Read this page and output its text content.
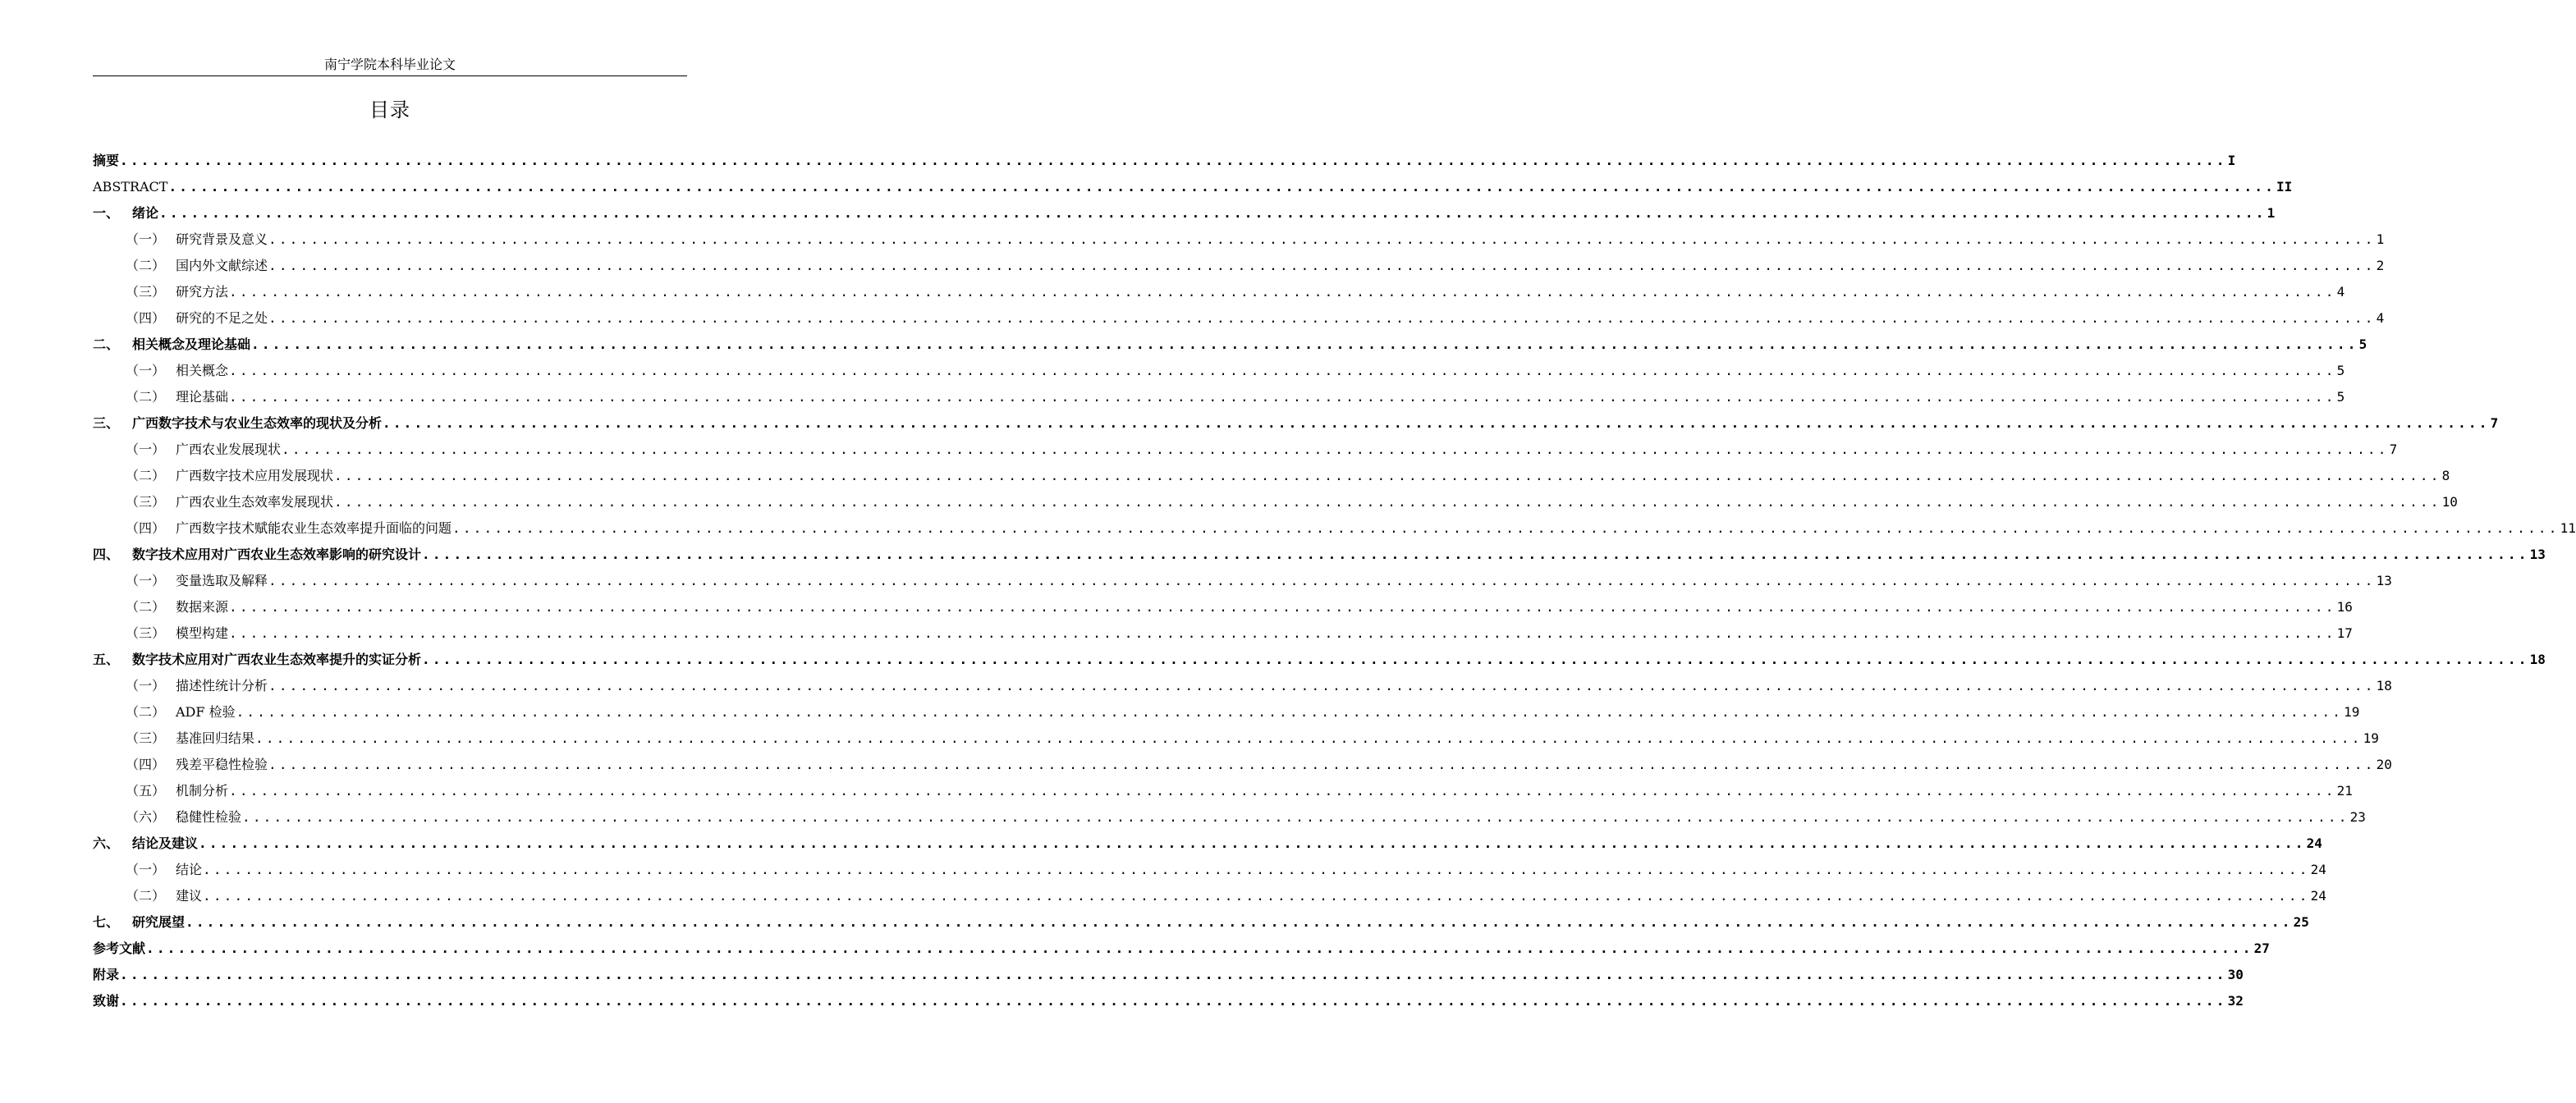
南宁学院本科毕业论文
目录
摘要 ........................................................................................................................................................................................................ I
ABSTRACT ........................................................................................................................................................................................................ II
一、 绪论 ........................................................................................................................................................................................................ 1
（一） 研究背景及意义 ........................................................................................................................................................................................................ 1
（二） 国内外文献综述 ........................................................................................................................................................................................................ 2
（三） 研究方法 ........................................................................................................................................................................................................ 4
（四） 研究的不足之处 ........................................................................................................................................................................................................ 4
二、 相关概念及理论基础 ........................................................................................................................................................................................................ 5
（一） 相关概念 ........................................................................................................................................................................................................ 5
（二） 理论基础 ........................................................................................................................................................................................................ 5
三、 广西数字技术与农业生态效率的现状及分析 ........................................................................................................................................................................................................ 7
（一） 广西农业发展现状 ........................................................................................................................................................................................................ 7
（二） 广西数字技术应用发展现状 ........................................................................................................................................................................................................ 8
（三） 广西农业生态效率发展现状 ........................................................................................................................................................................................................ 10
（四） 广西数字技术赋能农业生态效率提升面临的问题 ........................................................................................................................................................................................................ 11
四、 数字技术应用对广西农业生态效率影响的研究设计 ........................................................................................................................................................................................................ 13
（一） 变量选取及解释 ........................................................................................................................................................................................................ 13
（二） 数据来源 ........................................................................................................................................................................................................ 16
（三） 模型构建 ........................................................................................................................................................................................................ 17
五、 数字技术应用对广西农业生态效率提升的实证分析 ........................................................................................................................................................................................................ 18
（一） 描述性统计分析 ........................................................................................................................................................................................................ 18
（二） ADF 检验 ........................................................................................................................................................................................................ 19
（三） 基准回归结果 ........................................................................................................................................................................................................ 19
（四） 残差平稳性检验 ........................................................................................................................................................................................................ 20
（五） 机制分析 ........................................................................................................................................................................................................ 21
（六） 稳健性检验 ........................................................................................................................................................................................................ 23
六、 结论及建议 ........................................................................................................................................................................................................ 24
（一） 结论 ........................................................................................................................................................................................................ 24
（二） 建议 ........................................................................................................................................................................................................ 24
七、 研究展望 ........................................................................................................................................................................................................ 25
参考文献 ........................................................................................................................................................................................................ 27
附录 ........................................................................................................................................................................................................ 30
致谢 ........................................................................................................................................................................................................ 32
